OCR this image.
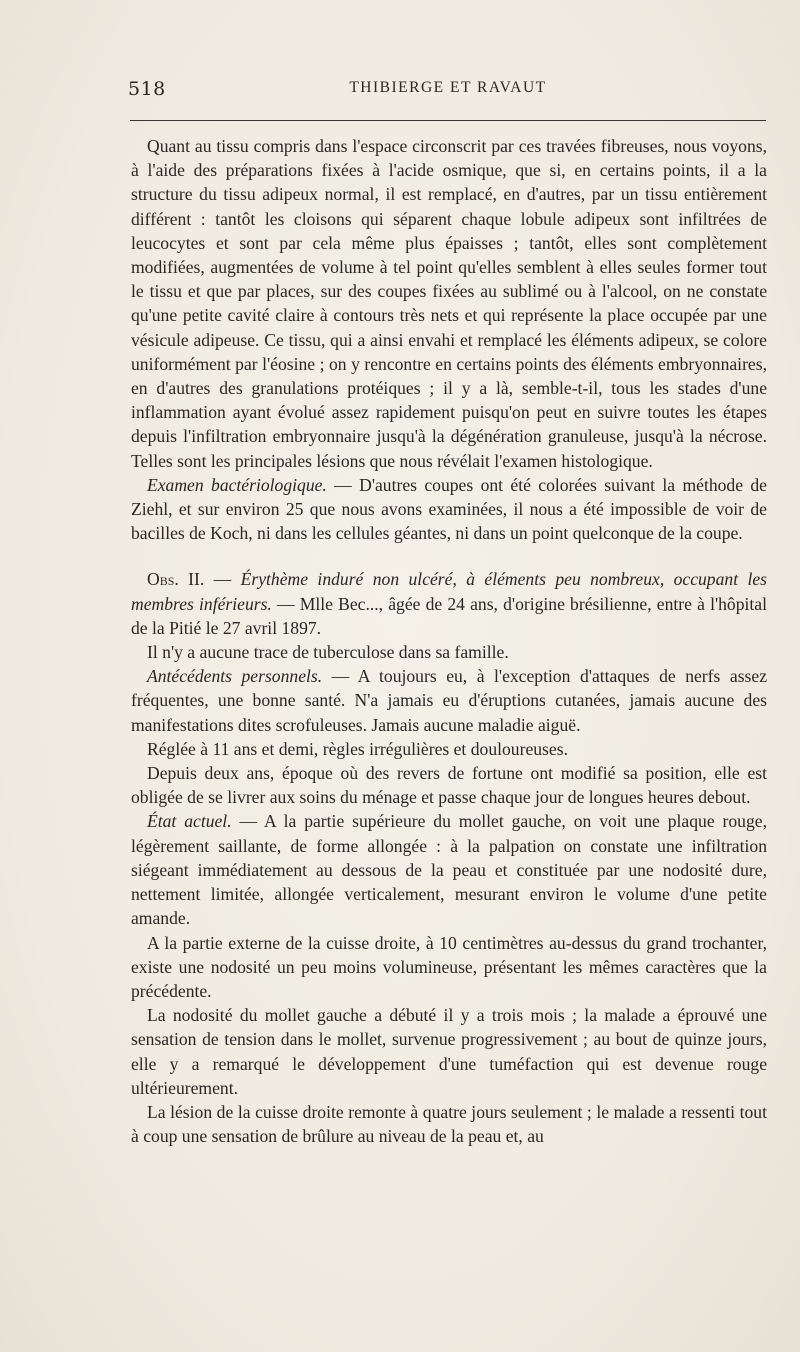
518	THIBIERGE ET RAVAUT

Quant au tissu compris dans l'espace circonscrit par ces travées fibreuses, nous voyons, à l'aide des préparations fixées à l'acide osmique, que si, en certains points, il a la structure du tissu adipeux normal, il est remplacé, en d'autres, par un tissu entièrement différent : tantôt les cloisons qui séparent chaque lobule adipeux sont infiltrées de leucocytes et sont par cela même plus épaisses ; tantôt, elles sont complètement modifiées, augmentées de volume à tel point qu'elles semblent à elles seules former tout le tissu et que par places, sur des coupes fixées au sublimé ou à l'alcool, on ne constate qu'une petite cavité claire à contours très nets et qui représente la place occupée par une vésicule adipeuse. Ce tissu, qui a ainsi envahi et remplacé les éléments adipeux, se colore uniformément par l'éosine ; on y rencontre en certains points des éléments embryonnaires, en d'autres des granulations protéiques ; il y a là, semble-t-il, tous les stades d'une inflammation ayant évolué assez rapidement puisqu'on peut en suivre toutes les étapes depuis l'infiltration embryonnaire jusqu'à la dégénération granuleuse, jusqu'à la nécrose. Telles sont les principales lésions que nous révélait l'examen histologique.

Examen bactériologique. — D'autres coupes ont été colorées suivant la méthode de Ziehl, et sur environ 25 que nous avons examinées, il nous a été impossible de voir de bacilles de Koch, ni dans les cellules géantes, ni dans un point quelconque de la coupe.

Obs. II. — Érythème induré non ulcéré, à éléments peu nombreux, occupant les membres inférieurs. — Mlle Bec..., âgée de 24 ans, d'origine brésilienne, entre à l'hôpital de la Pitié le 27 avril 1897.

Il n'y a aucune trace de tuberculose dans sa famille.

Antécédents personnels. — A toujours eu, à l'exception d'attaques de nerfs assez fréquentes, une bonne santé. N'a jamais eu d'éruptions cutanées, jamais aucune des manifestations dites scrofuleuses. Jamais aucune maladie aiguë.

Réglée à 11 ans et demi, règles irrégulières et douloureuses.

Depuis deux ans, époque où des revers de fortune ont modifié sa position, elle est obligée de se livrer aux soins du ménage et passe chaque jour de longues heures debout.

État actuel. — A la partie supérieure du mollet gauche, on voit une plaque rouge, légèrement saillante, de forme allongée : à la palpation on constate une infiltration siégeant immédiatement au dessous de la peau et constituée par une nodosité dure, nettement limitée, allongée verticalement, mesurant environ le volume d'une petite amande.

A la partie externe de la cuisse droite, à 10 centimètres au-dessus du grand trochanter, existe une nodosité un peu moins volumineuse, présentant les mêmes caractères que la précédente.

La nodosité du mollet gauche a débuté il y a trois mois ; la malade a éprouvé une sensation de tension dans le mollet, survenue progressivement ; au bout de quinze jours, elle y a remarqué le développement d'une tuméfaction qui est devenue rouge ultérieurement.

La lésion de la cuisse droite remonte à quatre jours seulement ; le malade a ressenti tout à coup une sensation de brûlure au niveau de la peau et, au
